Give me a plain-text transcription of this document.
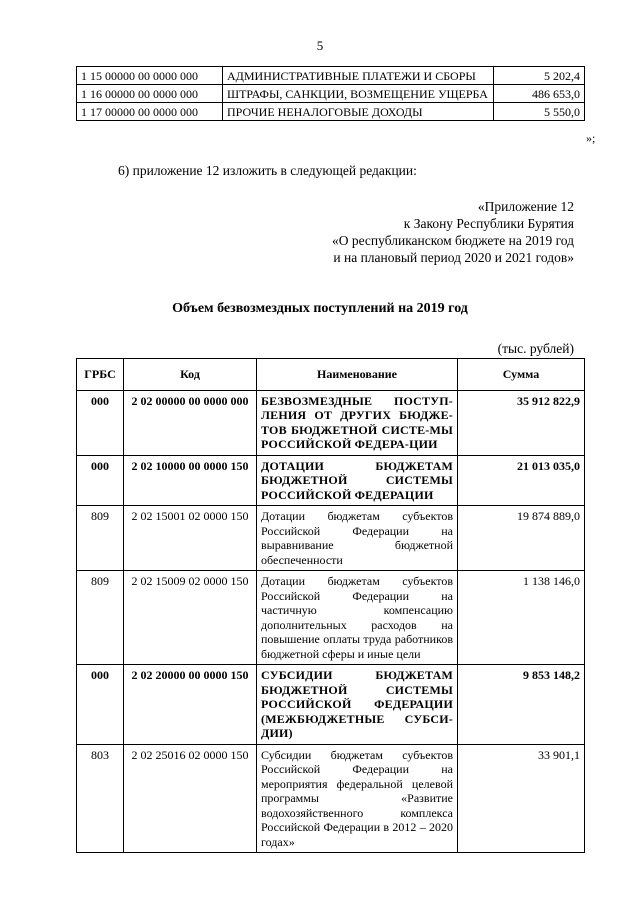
5
1 15 00000 00 0000 000	АДМИНИСТРАТИВНЫЕ ПЛАТЕЖИ И СБОРЫ	5 202,4
1 16 00000 00 0000 000	ШТРАФЫ, САНКЦИИ, ВОЗМЕЩЕНИЕ УЩЕРБА	486 653,0
1 17 00000 00 0000 000	ПРОЧИЕ НЕНАЛОГОВЫЕ ДОХОДЫ	5 550,0
»;
6) приложение 12 изложить в следующей редакции:
«Приложение 12
к Закону Республики Бурятия
«О республиканском бюджете на 2019 год
и на плановый период 2020 и 2021 годов»
Объем безвозмездных поступлений на 2019 год
(тыс. рублей)
ГРБС	Код	Наименование	Сумма
000	2 02 00000 00 0000 000	БЕЗВОЗМЕЗДНЫЕ ПОСТУП-ЛЕНИЯ ОТ ДРУГИХ БЮДЖЕ-ТОВ БЮДЖЕТНОЙ СИСТЕ-МЫ РОССИЙСКОЙ ФЕДЕРА-ЦИИ	35 912 822,9
000	2 02 10000 00 0000 150	ДОТАЦИИ БЮДЖЕТАМ БЮДЖЕТНОЙ СИСТЕМЫ РОССИЙСКОЙ ФЕДЕРАЦИИ	21 013 035,0
809	2 02 15001 02 0000 150	Дотации бюджетам субъектов Российской Федерации на выравнивание бюджетной обеспеченности	19 874 889,0
809	2 02 15009 02 0000 150	Дотации бюджетам субъектов Российской Федерации на частичную компенсацию дополнительных расходов на повышение оплаты труда работников бюджетной сферы и иные цели	1 138 146,0
000	2 02 20000 00 0000 150	СУБСИДИИ БЮДЖЕТАМ БЮДЖЕТНОЙ СИСТЕМЫ РОССИЙСКОЙ ФЕДЕРАЦИИ (МЕЖБЮДЖЕТНЫЕ СУБСИ-ДИИ)	9 853 148,2
803	2 02 25016 02 0000 150	Субсидии бюджетам субъектов Российской Федерации на мероприятия федеральной целевой программы «Развитие водохозяйственного комплекса Российской Федерации в 2012 – 2020 годах»	33 901,1
